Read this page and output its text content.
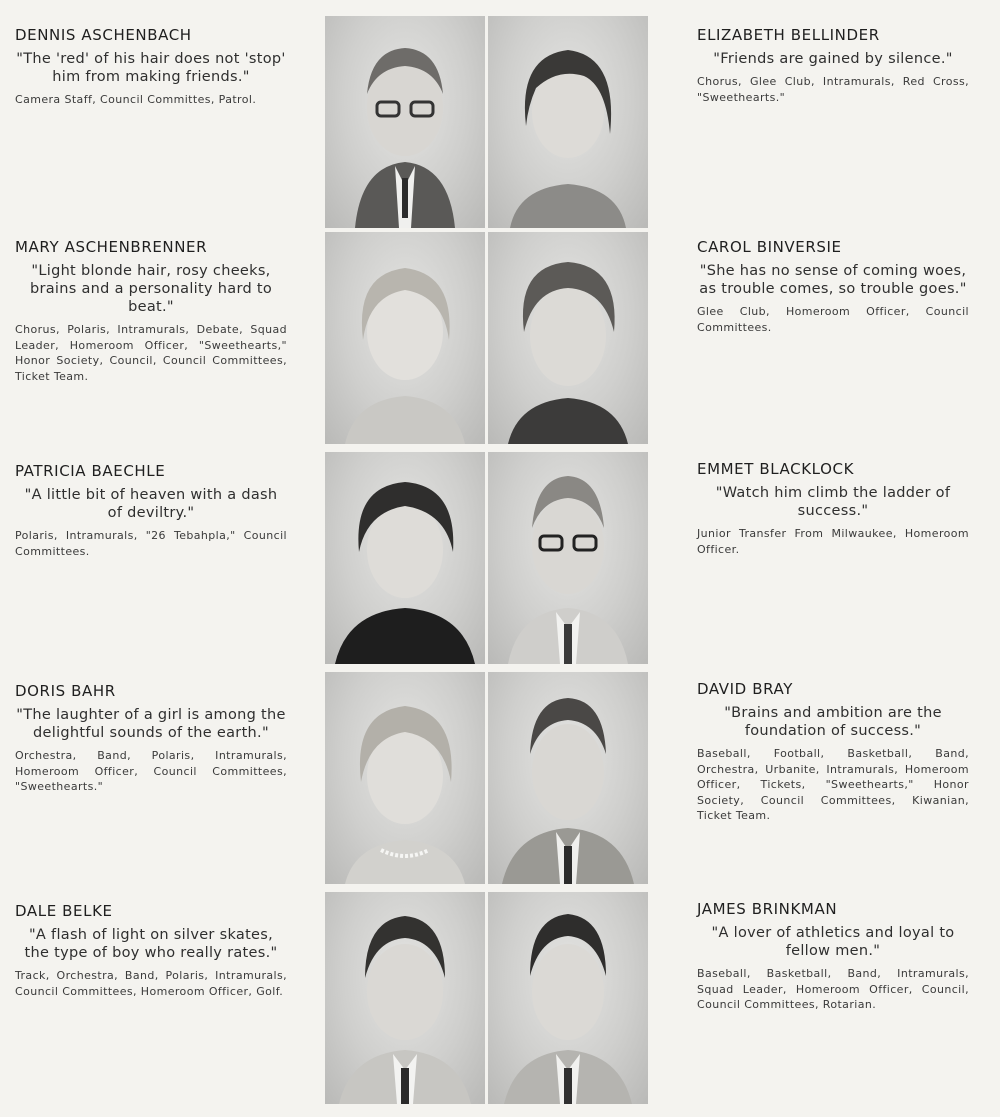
DENNIS ASCHENBACH
"The 'red' of his hair does not 'stop' him from making friends."
Camera Staff, Council Committes, Patrol.
MARY ASCHENBRENNER
"Light blonde hair, rosy cheeks, brains and a personality hard to beat."
Chorus, Polaris, Intramurals, Debate, Squad Leader, Homeroom Officer, "Sweethearts," Honor Society, Council, Council Committees, Ticket Team.
PATRICIA BAECHLE
"A little bit of heaven with a dash of deviltry."
Polaris, Intramurals, "26 Tebahpla," Council Committees.
DORIS BAHR
"The laughter of a girl is among the delightful sounds of the earth."
Orchestra, Band, Polaris, Intramurals, Homeroom Officer, Council Committees, "Sweethearts."
DALE BELKE
"A flash of light on silver skates, the type of boy who really rates."
Track, Orchestra, Band, Polaris, Intramurals, Council Committees, Homeroom Officer, Golf.
ELIZABETH BELLINDER
"Friends are gained by silence."
Chorus, Glee Club, Intramurals, Red Cross, "Sweethearts."
CAROL BINVERSIE
"She has no sense of coming woes, as trouble comes, so trouble goes."
Glee Club, Homeroom Officer, Council Committees.
EMMET BLACKLOCK
"Watch him climb the ladder of success."
Junior Transfer From Milwaukee, Homeroom Officer.
DAVID BRAY
"Brains and ambition are the foundation of success."
Baseball, Football, Basketball, Band, Orchestra, Urbanite, Intramurals, Homeroom Officer, Tickets, "Sweethearts," Honor Society, Council Committees, Kiwanian, Ticket Team.
JAMES BRINKMAN
"A lover of athletics and loyal to fellow men."
Baseball, Basketball, Band, Intramurals, Squad Leader, Homeroom Officer, Council, Council Committees, Rotarian.
